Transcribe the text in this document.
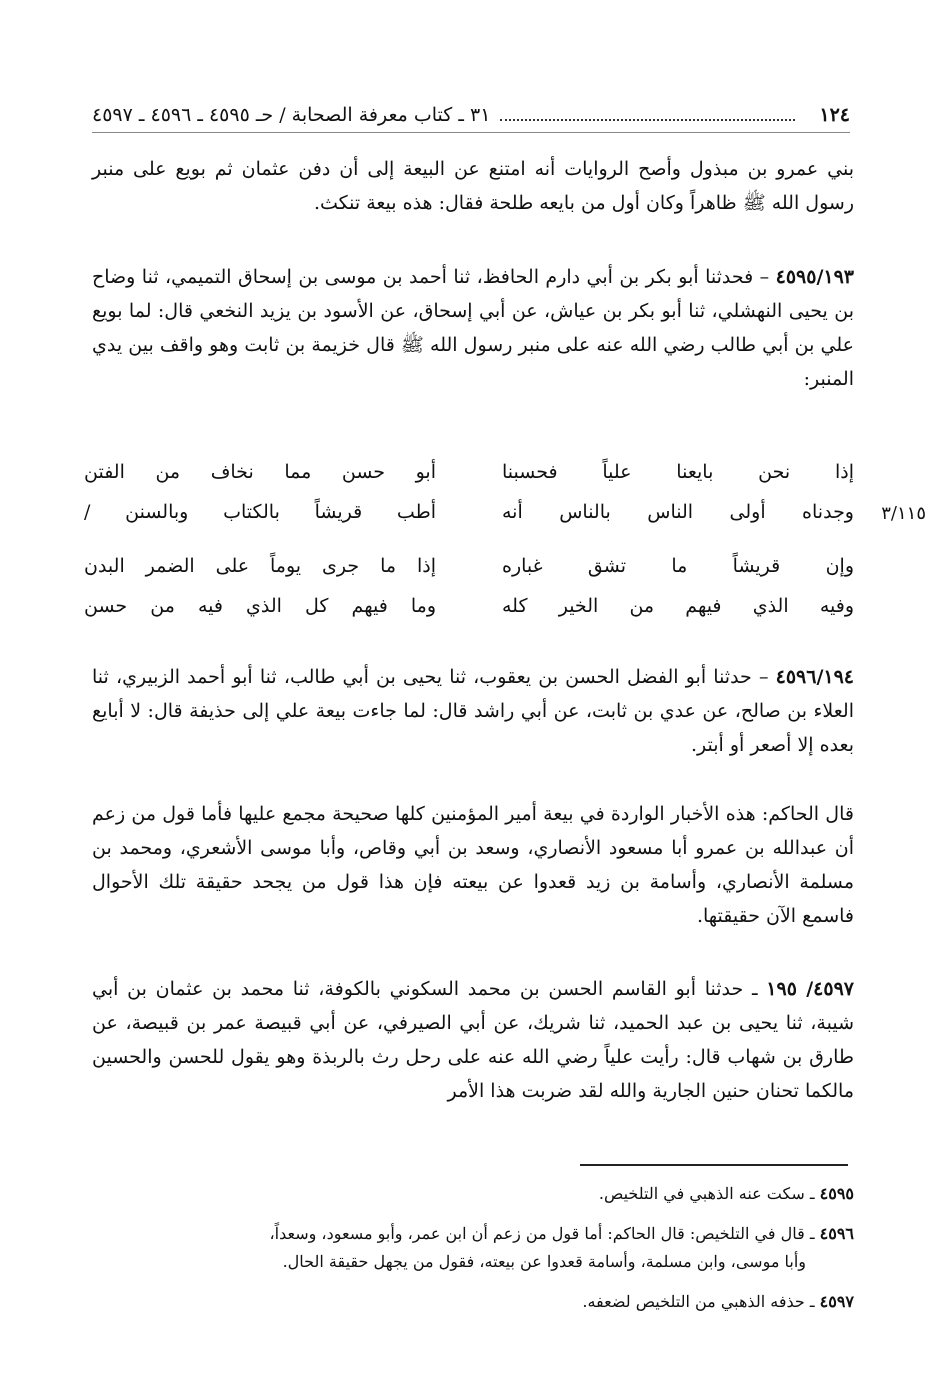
١٢٤
٣١ ـ كتاب معرفة الصحابة / حـ ٤٥٩٥ ـ ٤٥٩٦ ـ ٤٥٩٧

بني عمرو بن مبذول وأصح الروايات أنه امتنع عن البيعة إلى أن دفن عثمان ثم بويع على منبر رسول الله ﷺ ظاهراً وكان أول من بايعه طلحة فقال: هذه بيعة تنكث.

٤٥٩٥/١٩٣ – فحدثنا أبو بكر بن أبي دارم الحافظ، ثنا أحمد بن موسى بن إسحاق التميمي، ثنا وضاح بن يحيى النهشلي، ثنا أبو بكر بن عياش، عن أبي إسحاق، عن الأسود بن يزيد النخعي قال: لما بويع علي بن أبي طالب رضي الله عنه على منبر رسول الله ﷺ قال خزيمة بن ثابت وهو واقف بين يدي المنبر:

إذا نحن بايعنا علياً فحسبنا
أبو حسن مما نخاف من الفتن
وجدناه أولى الناس بالناس أنه
أطب قريشاً بالكتاب وبالسنن /
وإن قريشاً ما تشق غباره
إذا ما جرى يوماً على الضمر البدن
وفيه الذي فيهم من الخير كله
وما فيهم كل الذي فيه من حسن
٣/١١٥

٤٥٩٦/١٩٤ – حدثنا أبو الفضل الحسن بن يعقوب، ثنا يحيى بن أبي طالب، ثنا أبو أحمد الزبيري، ثنا العلاء بن صالح، عن عدي بن ثابت، عن أبي راشد قال: لما جاءت بيعة علي إلى حذيفة قال: لا أبايع بعده إلا أصعر أو أبتر.

قال الحاكم: هذه الأخبار الواردة في بيعة أمير المؤمنين كلها صحيحة مجمع عليها فأما قول من زعم أن عبدالله بن عمرو أبا مسعود الأنصاري، وسعد بن أبي وقاص، وأبا موسى الأشعري، ومحمد بن مسلمة الأنصاري، وأسامة بن زيد قعدوا عن بيعته فإن هذا قول من يجحد حقيقة تلك الأحوال فاسمع الآن حقيقتها.

٤٥٩٧/ ١٩٥ ـ حدثنا أبو القاسم الحسن بن محمد السكوني بالكوفة، ثنا محمد بن عثمان بن أبي شيبة، ثنا يحيى بن عبد الحميد، ثنا شريك، عن أبي الصيرفي، عن أبي قبيصة عمر بن قبيصة، عن طارق بن شهاب قال: رأيت علياً رضي الله عنه على رحل رث بالربذة وهو يقول للحسن والحسين مالكما تحنان حنين الجارية والله لقد ضربت هذا الأمر

٤٥٩٥ ـ سكت عنه الذهبي في التلخيص.
٤٥٩٦ ـ قال في التلخيص: قال الحاكم: أما قول من زعم أن ابن عمر، وأبو مسعود، وسعداً،
وأبا موسى، وابن مسلمة، وأسامة قعدوا عن بيعته، فقول من يجهل حقيقة الحال.
٤٥٩٧ ـ حذفه الذهبي من التلخيص لضعفه.
